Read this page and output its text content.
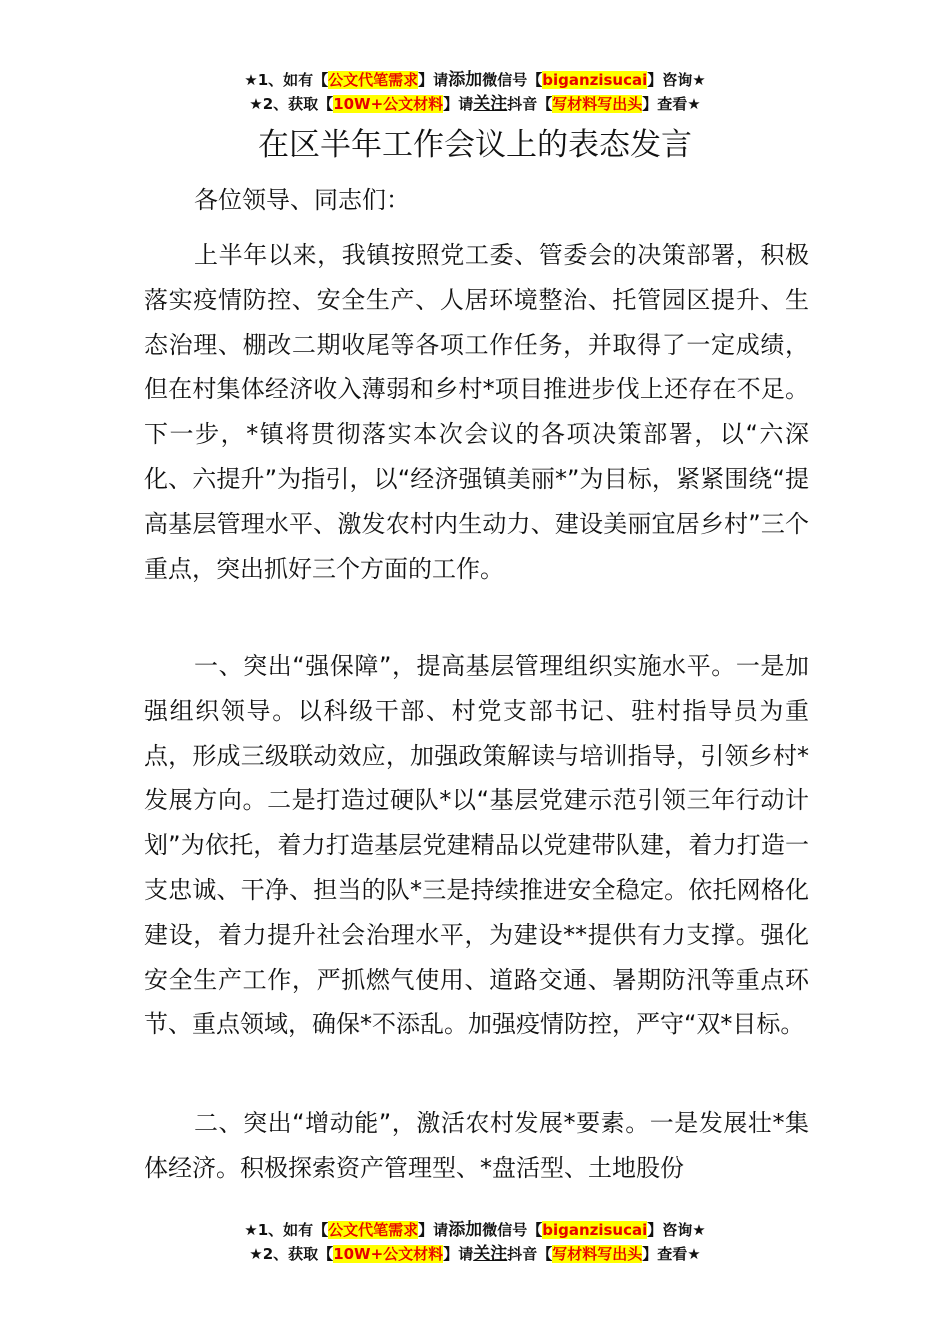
★1、如有【公文代笔需求】请添加微信号【biganzisucai】咨询★
★2、获取【10W+公文材料】请关注抖音【写材料写出头】查看★
在区半年工作会议上的表态发言

各位领导、同志们：

上半年以来，我镇按照党工委、管委会的决策部署，积极落实疫情防控、安全生产、人居环境整治、托管园区提升、生态治理、棚改二期收尾等各项工作任务，并取得了一定成绩，但在村集体经济收入薄弱和乡村*项目推进步伐上还存在不足。下一步，*镇将贯彻落实本次会议的各项决策部署，以“六深化、六提升”为指引，以“经济强镇美丽*”为目标，紧紧围绕“提高基层管理水平、激发农村内生动力、建设美丽宜居乡村”三个重点，突出抓好三个方面的工作。

一、突出“强保障”，提高基层管理组织实施水平。一是加强组织领导。以科级干部、村党支部书记、驻村指导员为重点，形成三级联动效应，加强政策解读与培训指导，引领乡村*发展方向。二是打造过硬队*以“基层党建示范引领三年行动计划”为依托，着力打造基层党建精品以党建带队建，着力打造一支忠诚、干净、担当的队*三是持续推进安全稳定。依托网格化建设，着力提升社会治理水平，为建设**提供有力支撑。强化安全生产工作，严抓燃气使用、道路交通、暑期防汛等重点环节、重点领域，确保*不添乱。加强疫情防控，严守“双*目标。

二、突出“增动能”，激活农村发展*要素。一是发展壮*集体经济。积极探索资产管理型、*盘活型、土地股份

★1、如有【公文代笔需求】请添加微信号【biganzisucai】咨询★
★2、获取【10W+公文材料】请关注抖音【写材料写出头】查看★
